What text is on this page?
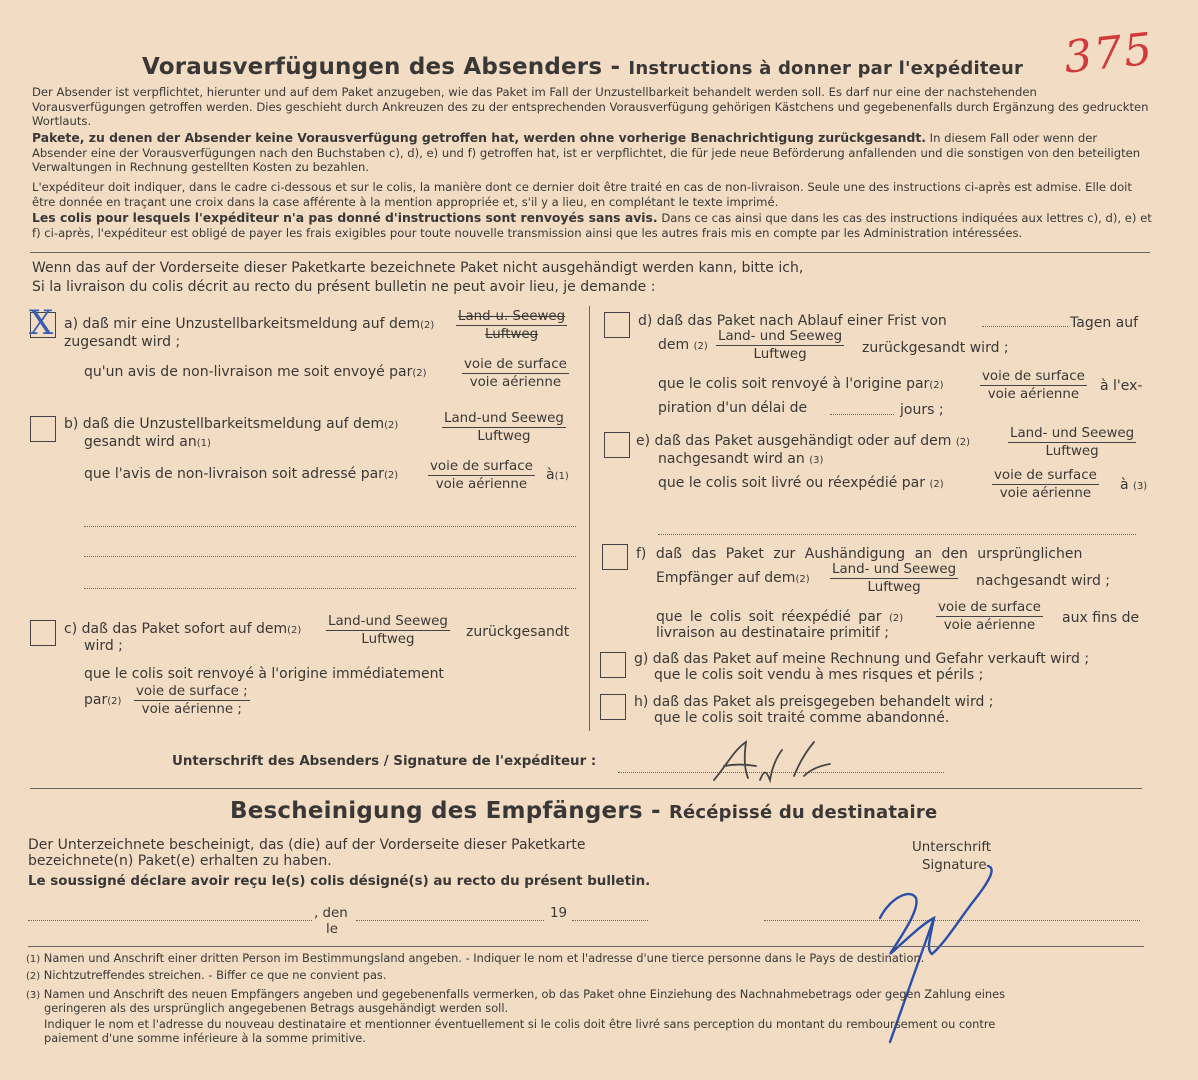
Vorausverfügungen des Absenders - Instructions à donner par l'expéditeur 375

Der Absender ist verpflichtet, hierunter und auf dem Paket anzugeben, wie das Paket im Fall der Unzustellbarkeit behandelt werden soll. Es darf nur eine der nachstehenden Vorausverfügungen getroffen werden. Dies geschieht durch Ankreuzen des zu der entsprechenden Vorausverfügung gehörigen Kästchens und gegebenenfalls durch Ergänzung des gedruckten Wortlauts.

Pakete, zu denen der Absender keine Vorausverfügung getroffen hat, werden ohne vorherige Benachrichtigung zurückgesandt. In diesem Fall oder wenn der Absender eine der Vorausverfügungen nach den Buchstaben c), d), e) und f) getroffen hat, ist er verpflichtet, die für jede neue Beförderung anfallenden und die sonstigen von den beteiligten Verwaltungen in Rechnung gestellten Kosten zu bezahlen.

L'expéditeur doit indiquer, dans le cadre ci-dessous et sur le colis, la manière dont ce dernier doit être traité en cas de non-livraison. Seule une des instructions ci-après est admise. Elle doit être donnée en traçant une croix dans la case afférente à la mention appropriée et, s'il y a lieu, en complétant le texte imprimé.

Les colis pour lesquels l'expéditeur n'a pas donné d'instructions sont renvoyés sans avis. Dans ce cas ainsi que dans les cas des instructions indiquées aux lettres c), d), e) et f) ci-après, l'expéditeur est obligé de payer les frais exigibles pour toute nouvelle transmission ainsi que les autres frais mis en compte par les Administration intéressées.

Wenn das auf der Vorderseite dieser Paketkarte bezeichnete Paket nicht ausgehändigt werden kann, bitte ich,
Si la livraison du colis décrit au recto du présent bulletin ne peut avoir lieu, je demande :
X a) daß mir eine Unzustellbarkeitsmeldung auf dem(2)
Land-u. Seeweg
Luftweg
zugesandt wird ;
qu'un avis de non-livraison me soit envoyé par(2)
voie de surface
voie aérienne
b) daß die Unzustellbarkeitsmeldung auf dem(2)	Land-und Seeweg
Luftweg
gesandt wird an(1)
que l'avis de non-livraison soit adressé par(2)
voie de surface
voie aérienne
à(1)
c) daß das Paket sofort auf dem(2)
Land-und Seeweg
Luftweg	zurückgesandt
wird ;
que le colis soit renvoyé à l'origine immédiatement
par(2)
voie de surface ;
voie aérienne ;
d) daß das Paket nach Ablauf einer Frist von	Tagen auf
dem (2)
Land- und Seeweg
Luftweg	zurückgesandt wird ;
que le colis soit renvoyé à l'origine par(2)
voie de surface
voie aérienne
à l'ex-
piration d'un délai de	jours ;
e) daß das Paket ausgehändigt oder auf dem (2)
Land- und Seeweg
Luftweg
nachgesandt wird an (3)
que le colis soit livré ou réexpédié par (2)
voie de surface
voie aérienne
à (3)
f) daß das Paket zur Aushändigung an den ursprünglichen
Empfänger auf dem(2)
Land- und Seeweg
Luftweg	nachgesandt wird ;
que le colis soit réexpédié par (2)
voie de surface
voie aérienne aux fins de
livraison au destinataire primitif ;
g) daß das Paket auf meine Rechnung und Gefahr verkauft wird ;
que le colis soit vendu à mes risques et périls ;
h) daß das Paket als preisgegeben behandelt wird ;
que le colis soit traité comme abandonné.
Unterschrift des Absenders / Signature de l'expéditeur :
Bescheinigung des Empfängers - Récépissé du destinataire
Der Unterzeichnete bescheinigt, das (die) auf der Vorderseite dieser Paketkarte
bezeichnete(n) Paket(e) erhalten zu haben.
Le soussigné déclare avoir reçu le(s) colis désigné(s) au recto du présent bulletin.
Unterschrift
Signature
, den
le
19
(1) Namen und Anschrift einer dritten Person im Bestimmungsland angeben. - Indiquer le nom et l'adresse d'une tierce personne dans le Pays de destination.
(2) Nichtzutreffendes streichen. - Biffer ce que ne convient pas.
(3) Namen und Anschrift des neuen Empfängers angeben und gegebenenfalls vermerken, ob das Paket ohne Einziehung des Nachnahmebetrags oder gegen Zahlung eines
geringeren als des ursprünglich angegebenen Betrags ausgehändigt werden soll.
Indiquer le nom et l'adresse du nouveau destinataire et mentionner éventuellement si le colis doit être livré sans perception du montant du remboursement ou contre
paiement d'une somme inférieure à la somme primitive.
